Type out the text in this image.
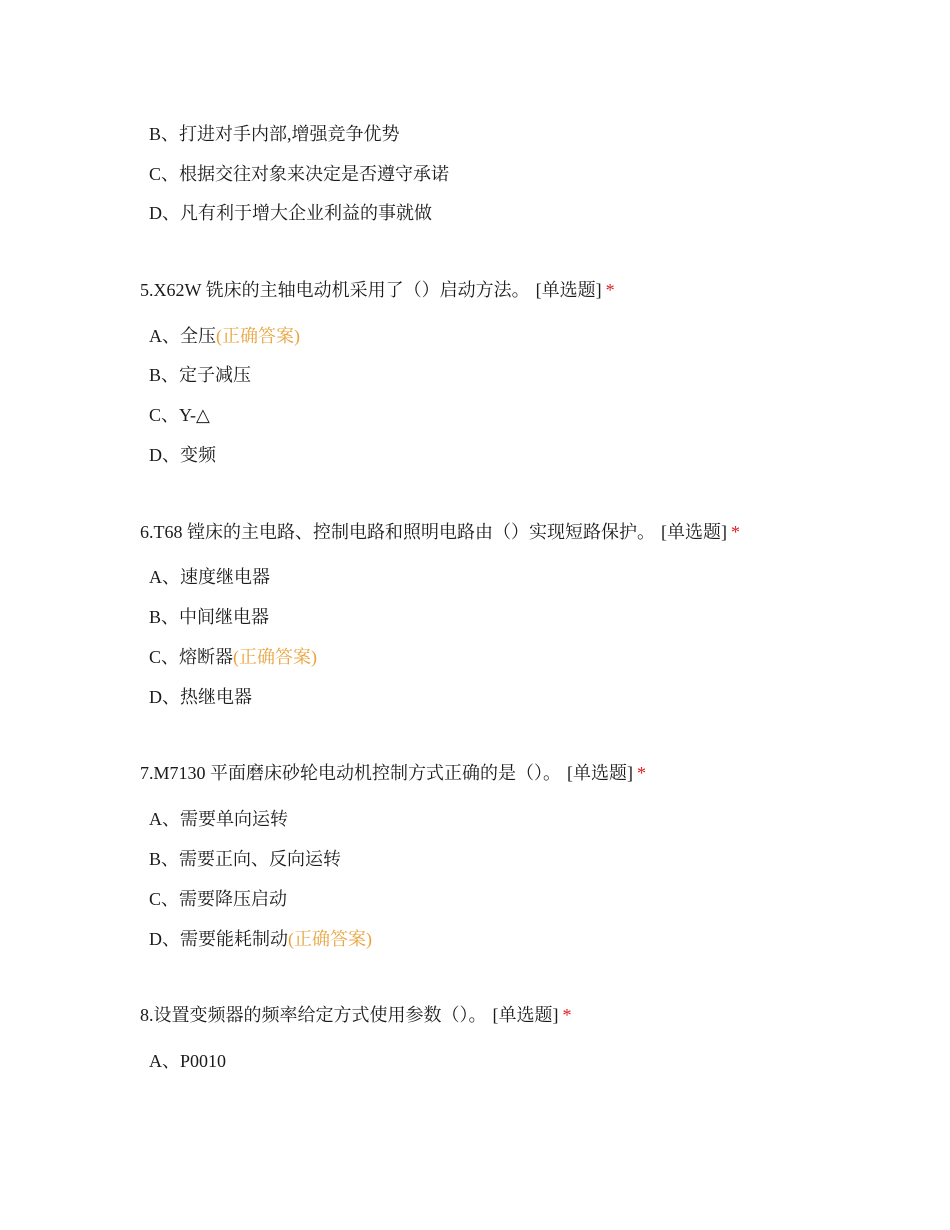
B、打进对手内部,增强竞争优势
C、根据交往对象来决定是否遵守承诺
D、凡有利于增大企业利益的事就做
5.X62W 铣床的主轴电动机采用了（）启动方法。 [单选题] *
A、全压(正确答案)
B、定子减压
C、Y-△
D、变频
6.T68 镗床的主电路、控制电路和照明电路由（）实现短路保护。 [单选题] *
A、速度继电器
B、中间继电器
C、熔断器(正确答案)
D、热继电器
7.M7130 平面磨床砂轮电动机控制方式正确的是（）。 [单选题] *
A、需要单向运转
B、需要正向、反向运转
C、需要降压启动
D、需要能耗制动(正确答案)
8.设置变频器的频率给定方式使用参数（）。 [单选题] *
A、P0010
